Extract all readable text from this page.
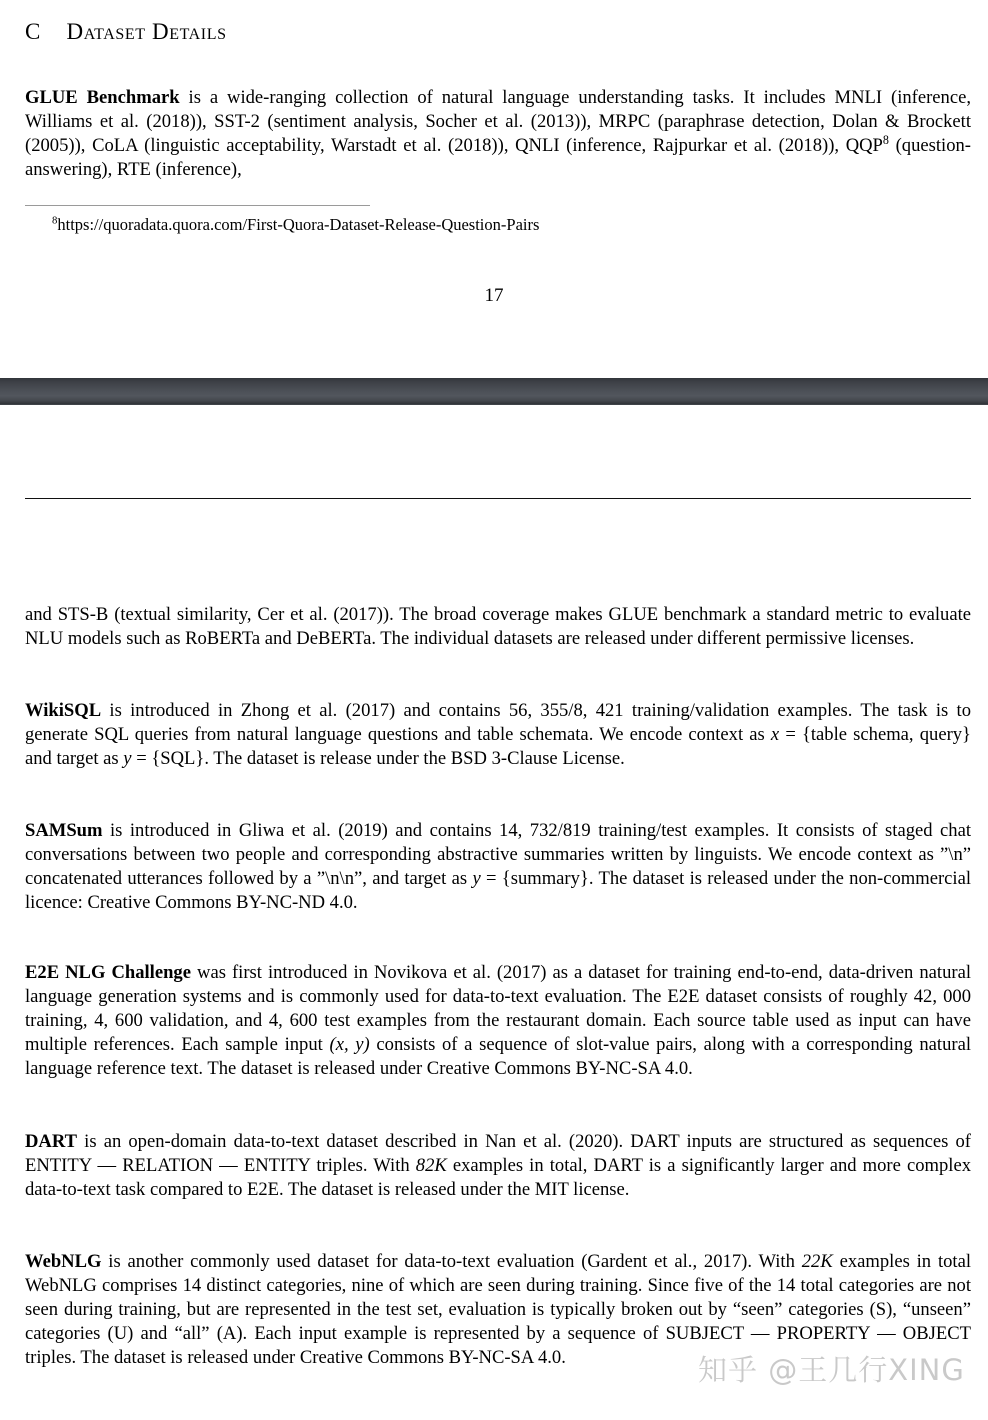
C Dataset Details
GLUE Benchmark is a wide-ranging collection of natural language understanding tasks. It includes MNLI (inference, Williams et al. (2018)), SST-2 (sentiment analysis, Socher et al. (2013)), MRPC (paraphrase detection, Dolan & Brockett (2005)), CoLA (linguistic acceptability, Warstadt et al. (2018)), QNLI (inference, Rajpurkar et al. (2018)), QQP$^8$ (question-answering), RTE (inference),
$^8$https://quoradata.quora.com/First-Quora-Dataset-Release-Question-Pairs
17
and STS-B (textual similarity, Cer et al. (2017)). The broad coverage makes GLUE benchmark a standard metric to evaluate NLU models such as RoBERTa and DeBERTa. The individual datasets are released under different permissive licenses.
WikiSQL is introduced in Zhong et al. (2017) and contains 56, 355/8, 421 training/validation examples. The task is to generate SQL queries from natural language questions and table schemata. We encode context as x = {table schema, query} and target as y = {SQL}. The dataset is release under the BSD 3-Clause License.
SAMSum is introduced in Gliwa et al. (2019) and contains 14, 732/819 training/test examples. It consists of staged chat conversations between two people and corresponding abstractive summaries written by linguists. We encode context as ”\n” concatenated utterances followed by a ”\n\n”, and target as y = {summary}. The dataset is released under the non-commercial licence: Creative Commons BY-NC-ND 4.0.
E2E NLG Challenge was first introduced in Novikova et al. (2017) as a dataset for training end-to-end, data-driven natural language generation systems and is commonly used for data-to-text evaluation. The E2E dataset consists of roughly 42, 000 training, 4, 600 validation, and 4, 600 test examples from the restaurant domain. Each source table used as input can have multiple references. Each sample input (x, y) consists of a sequence of slot-value pairs, along with a corresponding natural language reference text. The dataset is released under Creative Commons BY-NC-SA 4.0.
DART is an open-domain data-to-text dataset described in Nan et al. (2020). DART inputs are structured as sequences of ENTITY — RELATION — ENTITY triples. With 82K examples in total, DART is a significantly larger and more complex data-to-text task compared to E2E. The dataset is released under the MIT license.
WebNLG is another commonly used dataset for data-to-text evaluation (Gardent et al., 2017). With 22K examples in total WebNLG comprises 14 distinct categories, nine of which are seen during training. Since five of the 14 total categories are not seen during training, but are represented in the test set, evaluation is typically broken out by “seen” categories (S), “unseen” categories (U) and “all” (A). Each input example is represented by a sequence of SUBJECT — PROPERTY — OBJECT triples. The dataset is released under Creative Commons BY-NC-SA 4.0.	知乎 @王几行XING
